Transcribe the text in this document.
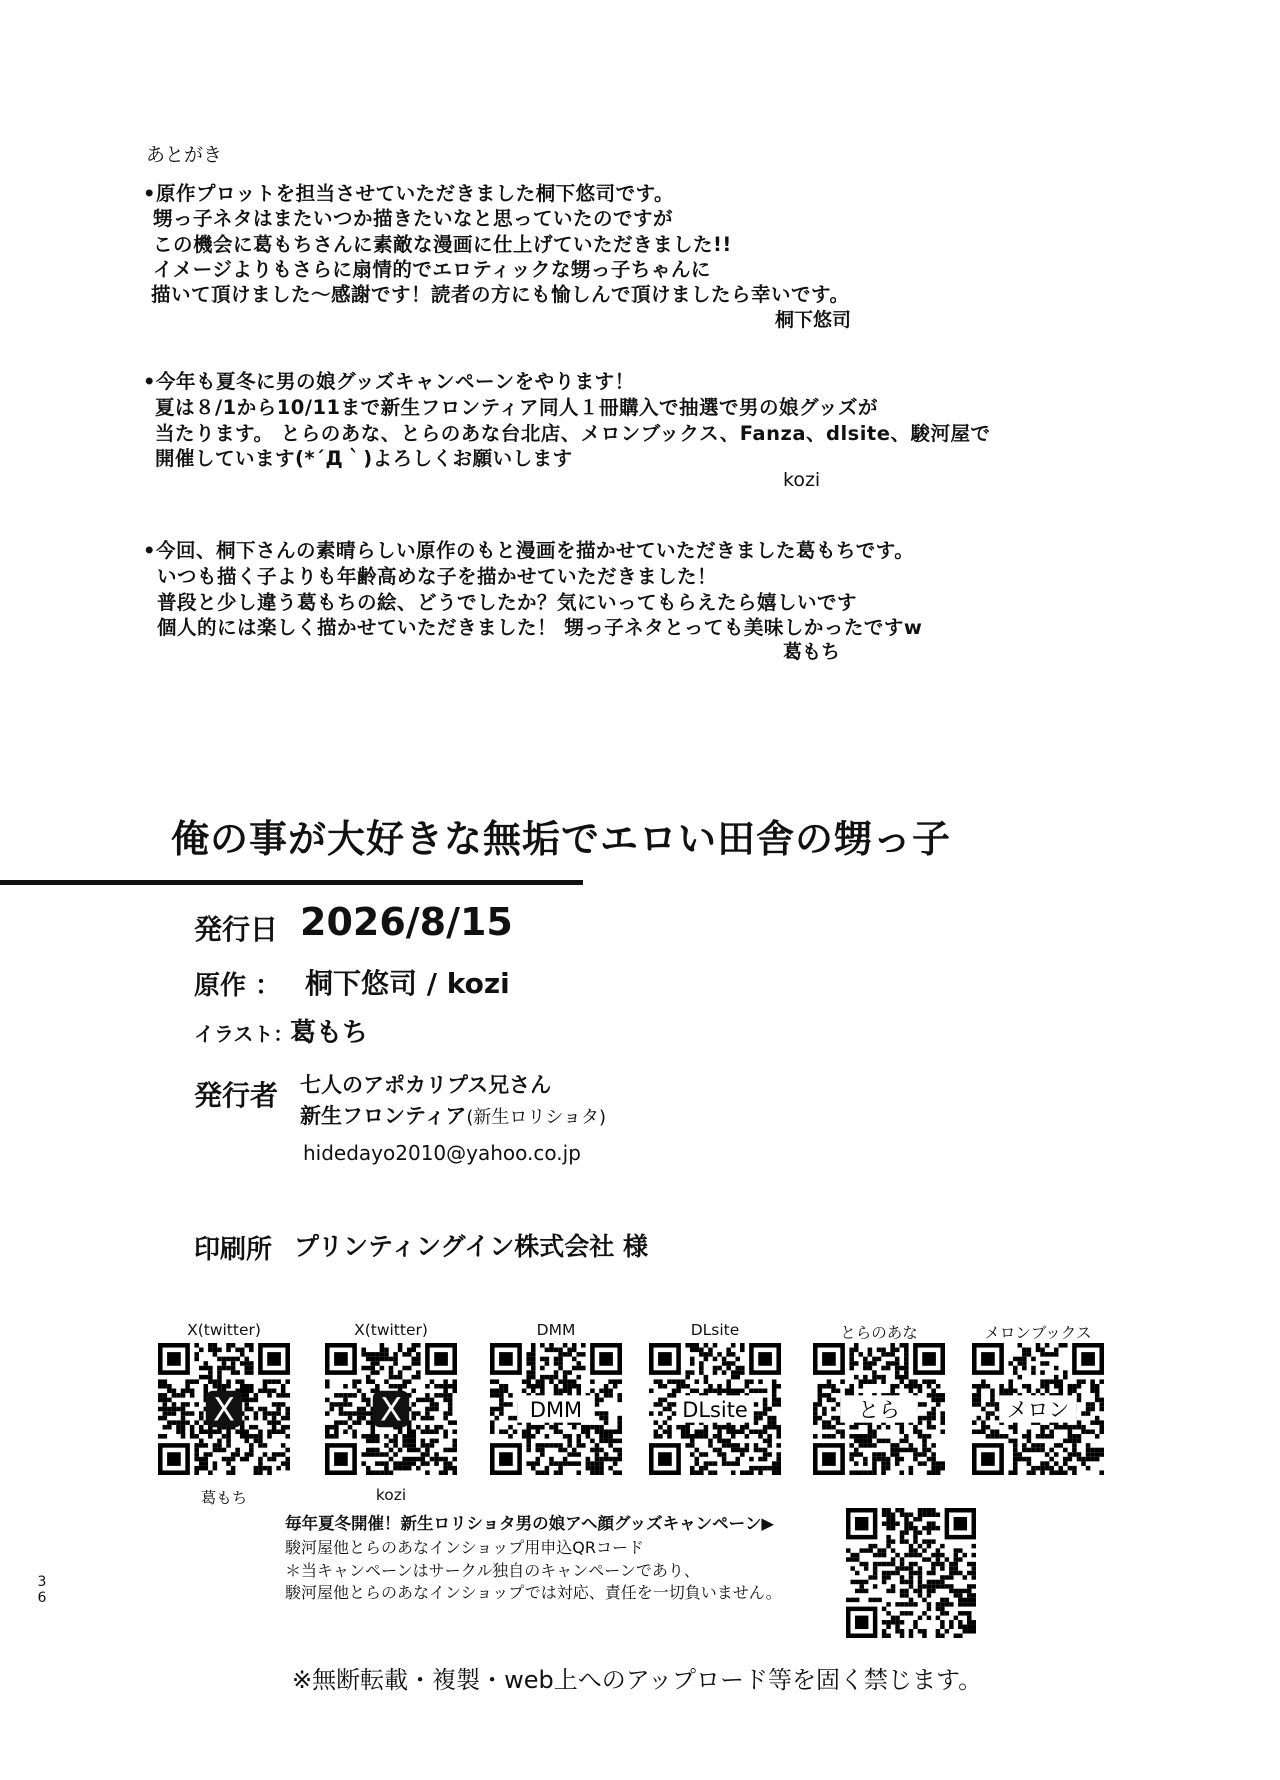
あとがき
•原作プロットを担当させていただきました桐下悠司です。
甥っ子ネタはまたいつか描きたいなと思っていたのですが
この機会に葛もちさんに素敵な漫画に仕上げていただきました!!
イメージよりもさらに扇情的でエロティックな甥っ子ちゃんに
描いて頂けました〜感謝です！読者の方にも愉しんで頂けましたら幸いです。
桐下悠司
•今年も夏冬に男の娘グッズキャンペーンをやります！
夏は８/1から10/11まで新生フロンティア同人１冊購入で抽選で男の娘グッズが
当たります。 とらのあな、とらのあな台北店、メロンブックス、Fanza、dlsite、駿河屋で
開催しています(*´Д｀)よろしくお願いします
kozi
•今回、桐下さんの素晴らしい原作のもと漫画を描かせていただきました葛もちです。
いつも描く子よりも年齢高めな子を描かせていただきました！
普段と少し違う葛もちの絵、どうでしたか？気にいってもらえたら嬉しいです
個人的には楽しく描かせていただきました！ 甥っ子ネタとっても美味しかったですw
葛もち
俺の事が大好きな無垢でエロい田舎の甥っ子
発行日 2026/8/15
原作 ： 桐下悠司 / kozi
イラスト：
葛もち
発行者 七人のアポカリプス兄さん
新生フロンティア(新生ロリショタ)
hidedayo2010@yahoo.co.jp
印刷所 プリンティングイン株式会社 様
X(twitter)
X
葛もち
X(twitter)
X
kozi
DMM
DMM
DLsite
DLsite
とらのあな
とら
メロンブックス
メロン
毎年夏冬開催！新生ロリショタ男の娘アヘ顔グッズキャンペーン▶
駿河屋他とらのあなインショップ用申込QRコード
＊当キャンペーンはサークル独自のキャンペーンであり、
駿河屋他とらのあなインショップでは対応、責任を一切負いません。
36
※無断転載・複製・web上へのアップロード等を固く禁じます。
